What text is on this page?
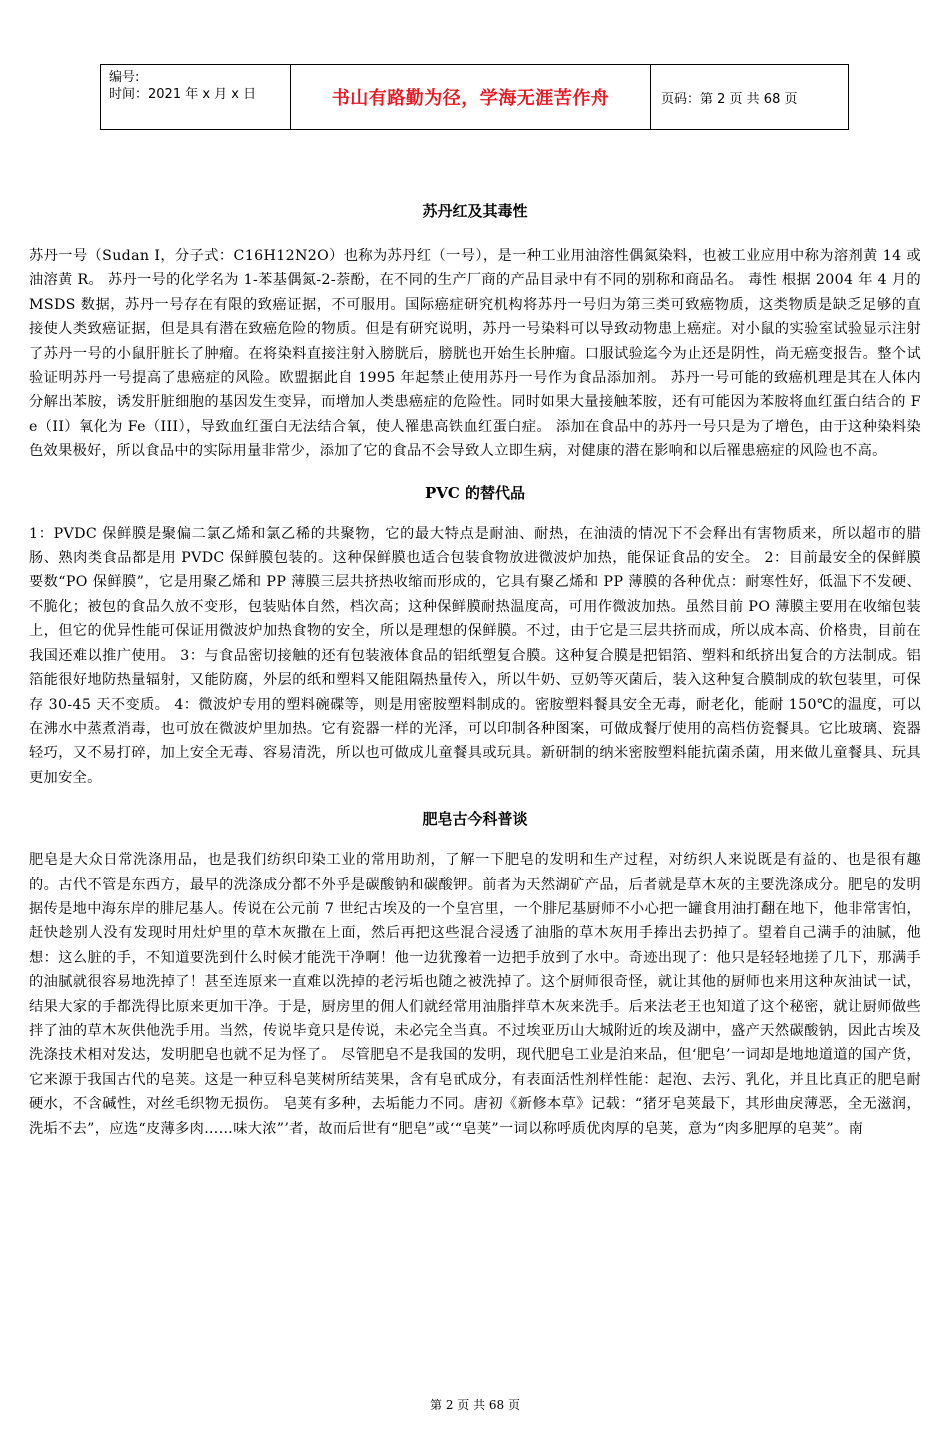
编号:
时间：2021 年 x 月 x 日	书山有路勤为径，学海无涯苦作舟	页码：第 2 页 共 68 页
苏丹红及其毒性

苏丹一号（Sudan I，分子式：C16H12N2O）也称为苏丹红（一号），是一种工业用油溶性偶氮染料，也被工业应用中称为溶剂黄 14 或油溶黄 R。 苏丹一号的化学名为 1-苯基偶氮-2-萘酚，在不同的生产厂商的产品目录中有不同的别称和商品名。 毒性 根据 2004 年 4 月的 MSDS 数据，苏丹一号存在有限的致癌证据，不可服用。国际癌症研究机构将苏丹一号归为第三类可致癌物质，这类物质是缺乏足够的直接使人类致癌证据，但是具有潜在致癌危险的物质。但是有研究说明，苏丹一号染料可以导致动物患上癌症。对小鼠的实验室试验显示注射了苏丹一号的小鼠肝脏长了肿瘤。在将染料直接注射入膀胱后，膀胱也开始生长肿瘤。口服试验迄今为止还是阴性，尚无癌变报告。整个试验证明苏丹一号提高了患癌症的风险。欧盟据此自 1995 年起禁止使用苏丹一号作为食品添加剂。 苏丹一号可能的致癌机理是其在人体内分解出苯胺，诱发肝脏细胞的基因发生变异，而增加人类患癌症的危险性。同时如果大量接触苯胺，还有可能因为苯胺将血红蛋白结合的 Fe（II）氧化为 Fe（III），导致血红蛋白无法结合氧，使人罹患高铁血红蛋白症。 添加在食品中的苏丹一号只是为了增色，由于这种染料染色效果极好，所以食品中的实际用量非常少，添加了它的食品不会导致人立即生病，对健康的潜在影响和以后罹患癌症的风险也不高。

PVC 的替代品

1：PVDC 保鲜膜是聚偏二氯乙烯和氯乙稀的共聚物，它的最大特点是耐油、耐热，在油渍的情况下不会释出有害物质来，所以超市的腊肠、熟肉类食品都是用 PVDC 保鲜膜包装的。这种保鲜膜也适合包装食物放进微波炉加热，能保证食品的安全。 2：目前最安全的保鲜膜要数“PO 保鲜膜”，它是用聚乙烯和 PP 薄膜三层共挤热收缩而形成的，它具有聚乙烯和 PP 薄膜的各种优点：耐寒性好，低温下不发硬、不脆化；被包的食品久放不变形，包装贴体自然，档次高；这种保鲜膜耐热温度高，可用作微波加热。虽然目前 PO 薄膜主要用在收缩包装上，但它的优异性能可保证用微波炉加热食物的安全，所以是理想的保鲜膜。不过，由于它是三层共挤而成，所以成本高、价格贵，目前在我国还难以推广使用。 3：与食品密切接触的还有包装液体食品的铝纸塑复合膜。这种复合膜是把铝箔、塑料和纸挤出复合的方法制成。铝箔能很好地防热量辐射，又能防腐，外层的纸和塑料又能阻隔热量传入，所以牛奶、豆奶等灭菌后，装入这种复合膜制成的软包装里，可保存 30-45 天不变质。 4：微波炉专用的塑料碗碟等，则是用密胺塑料制成的。密胺塑料餐具安全无毒，耐老化，能耐 150℃的温度，可以在沸水中蒸煮消毒，也可放在微波炉里加热。它有瓷器一样的光泽，可以印制各种图案，可做成餐厅使用的高档仿瓷餐具。它比玻璃、瓷器轻巧，又不易打碎，加上安全无毒、容易清洗，所以也可做成儿童餐具或玩具。新研制的纳米密胺塑料能抗菌杀菌，用来做儿童餐具、玩具更加安全。

肥皂古今科普谈

肥皂是大众日常洗涤用品，也是我们纺织印染工业的常用助剂，了解一下肥皂的发明和生产过程，对纺织人来说既是有益的、也是很有趣的。古代不管是东西方，最早的洗涤成分都不外乎是碳酸钠和碳酸钾。前者为天然湖矿产品，后者就是草木灰的主要洗涤成分。肥皂的发明据传是地中海东岸的腓尼基人。传说在公元前 7 世纪古埃及的一个皇宫里，一个腓尼基厨师不小心把一罐食用油打翻在地下，他非常害怕，赶快趁别人没有发现时用灶炉里的草木灰撒在上面，然后再把这些混合浸透了油脂的草木灰用手捧出去扔掉了。望着自己满手的油腻，他想：这么脏的手，不知道要洗到什么时候才能洗干净啊！他一边犹豫着一边把手放到了水中。奇迹出现了：他只是轻轻地搓了几下，那满手的油腻就很容易地洗掉了！甚至连原来一直难以洗掉的老污垢也随之被洗掉了。这个厨师很奇怪，就让其他的厨师也来用这种灰油试一试，结果大家的手都洗得比原来更加干净。于是，厨房里的佣人们就经常用油脂拌草木灰来洗手。后来法老王也知道了这个秘密，就让厨师做些拌了油的草木灰供他洗手用。当然，传说毕竟只是传说，未必完全当真。不过埃亚历山大城附近的埃及湖中，盛产天然碳酸钠，因此古埃及洗涤技术相对发达，发明肥皂也就不足为怪了。 尽管肥皂不是我国的发明，现代肥皂工业是泊来品，但‘肥皂’一词却是地地道道的国产货，它来源于我国古代的皂荚。这是一种豆科皂荚树所结荚果，含有皂甙成分，有表面活性剂样性能：起泡、去污、乳化，并且比真正的肥皂耐硬水，不含碱性，对丝毛织物无损伤。 皂荚有多种，去垢能力不同。唐初《新修本草》记载：“猪牙皂荚最下，其形曲戾薄恶，全无滋润，洗垢不去”，应选“皮薄多肉……味大浓”’者，故而后世有“肥皂”或‘“皂荚”一词以称呼质优肉厚的皂荚，意为“肉多肥厚的皂荚”。南

第 2 页 共 68 页
